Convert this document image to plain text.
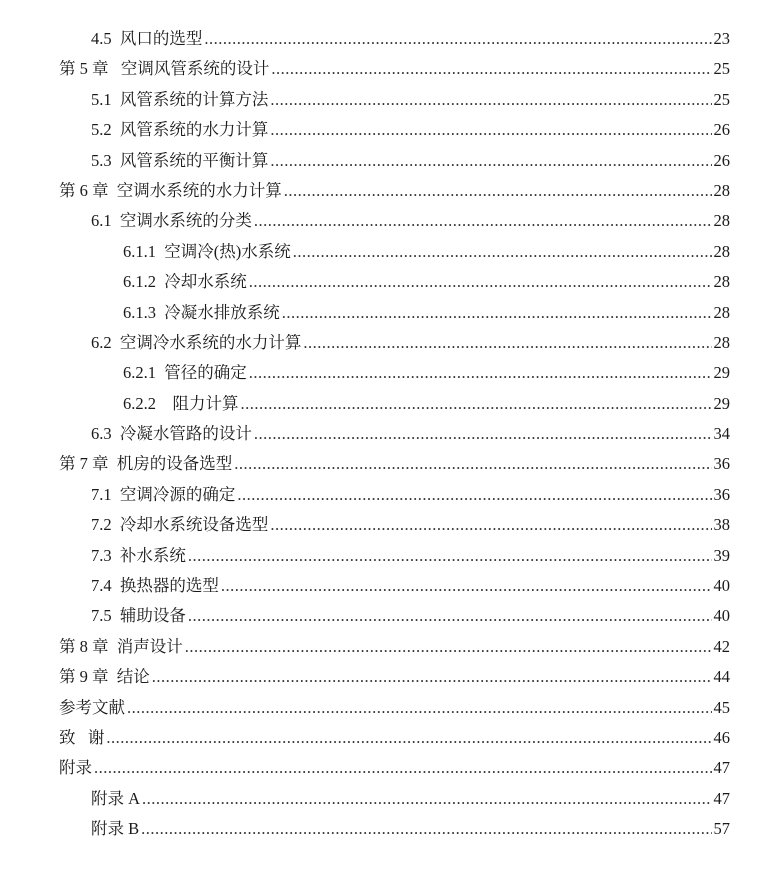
4.5  风口的选型 .....	23
第 5 章   空调风管系统的设计 .....	25
5.1  风管系统的计算方法 .....	25
5.2  风管系统的水力计算 .....	26
5.3  风管系统的平衡计算 .....	26
第 6 章  空调水系统的水力计算 .....	28
6.1  空调水系统的分类 .....	28
6.1.1  空调冷(热)水系统 .....	28
6.1.2  冷却水系统 .....	28
6.1.3  冷凝水排放系统 .....	28
6.2  空调冷水系统的水力计算 .....	28
6.2.1  管径的确定 .....	29
6.2.2    阻力计算 .....	29
6.3  冷凝水管路的设计 .....	34
第 7 章  机房的设备选型 .....	36
7.1  空调冷源的确定 .....	36
7.2  冷却水系统设备选型 .....	38
7.3  补水系统 .....	39
7.4  换热器的选型 .....	40
7.5  辅助设备 .....	40
第 8 章  消声设计 .....	42
第 9 章  结论 .....	44
参考文献 .....	45
致   谢 .....	46
附录 .....	47
附录 A .....	47
附录 B .....	57
